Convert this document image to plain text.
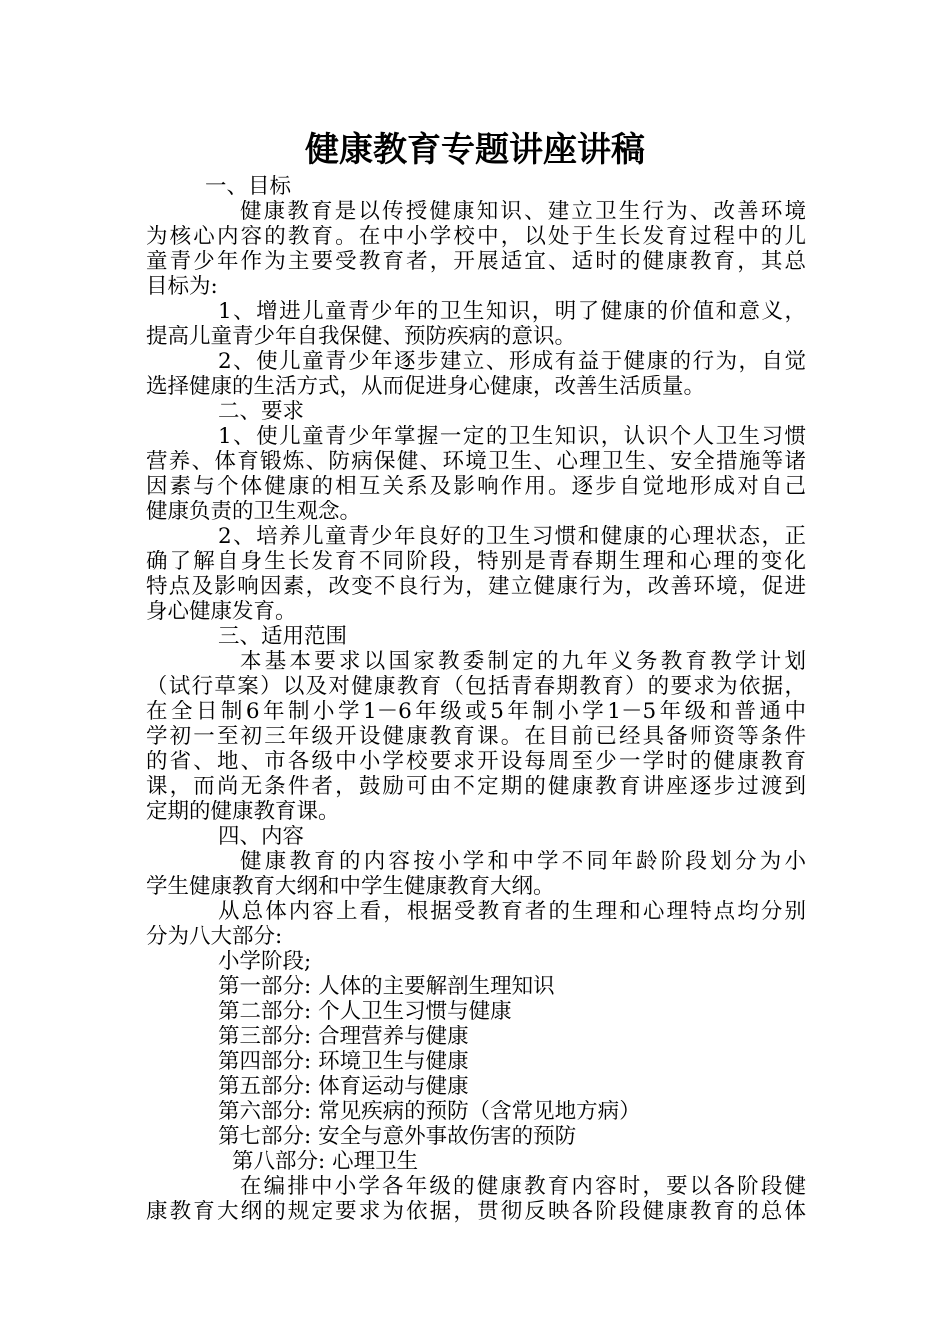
健康教育专题讲座讲稿
一、目标
健康教育是以传授健康知识、建立卫生行为、改善环境
为核心内容的教育。在中小学校中，以处于生长发育过程中的儿
童青少年作为主要受教育者，开展适宜、适时的健康教育，其总
目标为:
1、增进儿童青少年的卫生知识，明了健康的价值和意义，
提高儿童青少年自我保健、预防疾病的意识。
2、使儿童青少年逐步建立、形成有益于健康的行为，自觉
选择健康的生活方式，从而促进身心健康，改善生活质量。
二、要求
1、使儿童青少年掌握一定的卫生知识，认识个人卫生习惯
营养、体育锻炼、防病保健、环境卫生、心理卫生、安全措施等诸
因素与个体健康的相互关系及影响作用。逐步自觉地形成对自己
健康负责的卫生观念。
2、培养儿童青少年良好的卫生习惯和健康的心理状态，正
确了解自身生长发育不同阶段，特别是青春期生理和心理的变化
特点及影响因素，改变不良行为，建立健康行为，改善环境，促进
身心健康发育。
三、适用范围
本基本要求以国家教委制定的九年义务教育教学计划
（试行草案）以及对健康教育（包括青春期教育）的要求为依据，
在全日制6年制小学1－6年级或5年制小学1－5年级和普通中
学初一至初三年级开设健康教育课。在目前已经具备师资等条件
的省、地、市各级中小学校要求开设每周至少一学时的健康教育
课，而尚无条件者，鼓励可由不定期的健康教育讲座逐步过渡到
定期的健康教育课。
四、内容
健康教育的内容按小学和中学不同年龄阶段划分为小
学生健康教育大纲和中学生健康教育大纲。
从总体内容上看，根据受教育者的生理和心理特点均分别
分为八大部分:
小学阶段;
第一部分: 人体的主要解剖生理知识
第二部分: 个人卫生习惯与健康
第三部分: 合理营养与健康
第四部分: 环境卫生与健康
第五部分: 体育运动与健康
第六部分: 常见疾病的预防（含常见地方病）
第七部分: 安全与意外事故伤害的预防
第八部分: 心理卫生
在编排中小学各年级的健康教育内容时，要以各阶段健
康教育大纲的规定要求为依据，贯彻反映各阶段健康教育的总体
